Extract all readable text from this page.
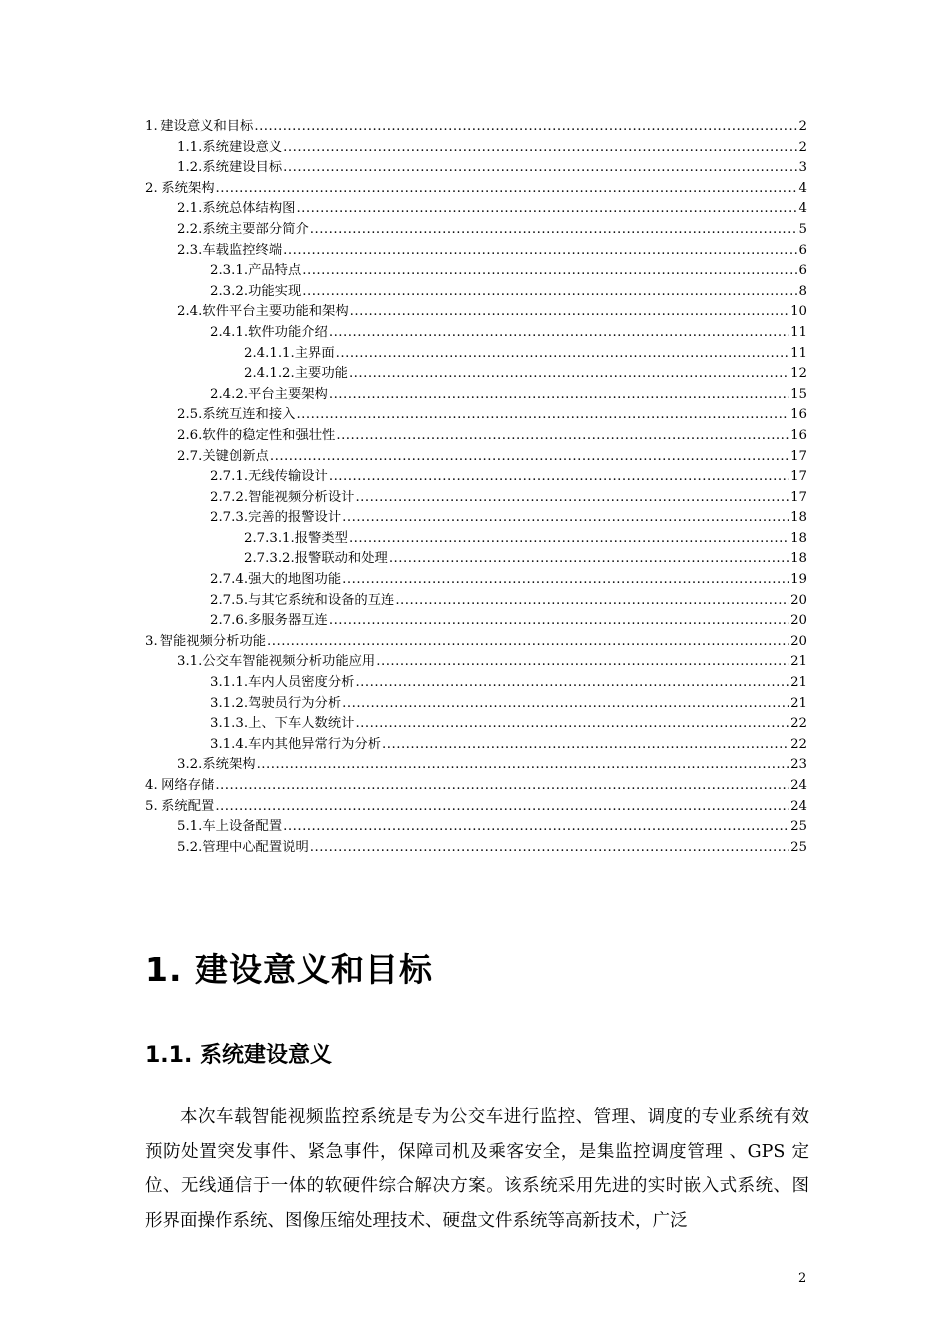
1. 建设意义和目标 .....	2
1.1. 系统建设意义 .....	2
1.2. 系统建设目标 .....	3
2. 系统架构 .....	4
2.1. 系统总体结构图 .....	4
2.2. 系统主要部分简介 .....	5
2.3. 车载监控终端 .....	6
2.3.1. 产品特点 .....	6
2.3.2. 功能实现 .....	8
2.4. 软件平台主要功能和架构 .....	10
2.4.1. 软件功能介绍 .....	11
2.4.1.1. 主界面 .....	11
2.4.1.2. 主要功能 .....	12
2.4.2. 平台主要架构 .....	15
2.5. 系统互连和接入 .....	16
2.6. 软件的稳定性和强壮性 .....	16
2.7. 关键创新点 .....	17
2.7.1. 无线传输设计 .....	17
2.7.2. 智能视频分析设计 .....	17
2.7.3. 完善的报警设计 .....	18
2.7.3.1. 报警类型 .....	18
2.7.3.2. 报警联动和处理 .....	18
2.7.4. 强大的地图功能 .....	19
2.7.5. 与其它系统和设备的互连 .....	20
2.7.6. 多服务器互连 .....	20
3. 智能视频分析功能 .....	20
3.1. 公交车智能视频分析功能应用 .....	21
3.1.1. 车内人员密度分析 .....	21
3.1.2. 驾驶员行为分析 .....	21
3.1.3. 上、下车人数统计 .....	22
3.1.4. 车内其他异常行为分析 .....	22
3.2. 系统架构 .....	23
4. 网络存储 .....	24
5. 系统配置 .....	24
5.1. 车上设备配置 .....	25
5.2. 管理中心配置说明 .....	25
1. 建设意义和目标
1.1. 系统建设意义

本次车载智能视频监控系统是专为公交车进行监控、管理、调度的专业系统有效预防处置突发事件、紧急事件，保障司机及乘客安全，是集监控调度管理 、GPS 定位、无线通信于一体的软硬件综合解决方案。该系统采用先进的实时嵌入式系统、图形界面操作系统、图像压缩处理技术、硬盘文件系统等高新技术，广泛

2
